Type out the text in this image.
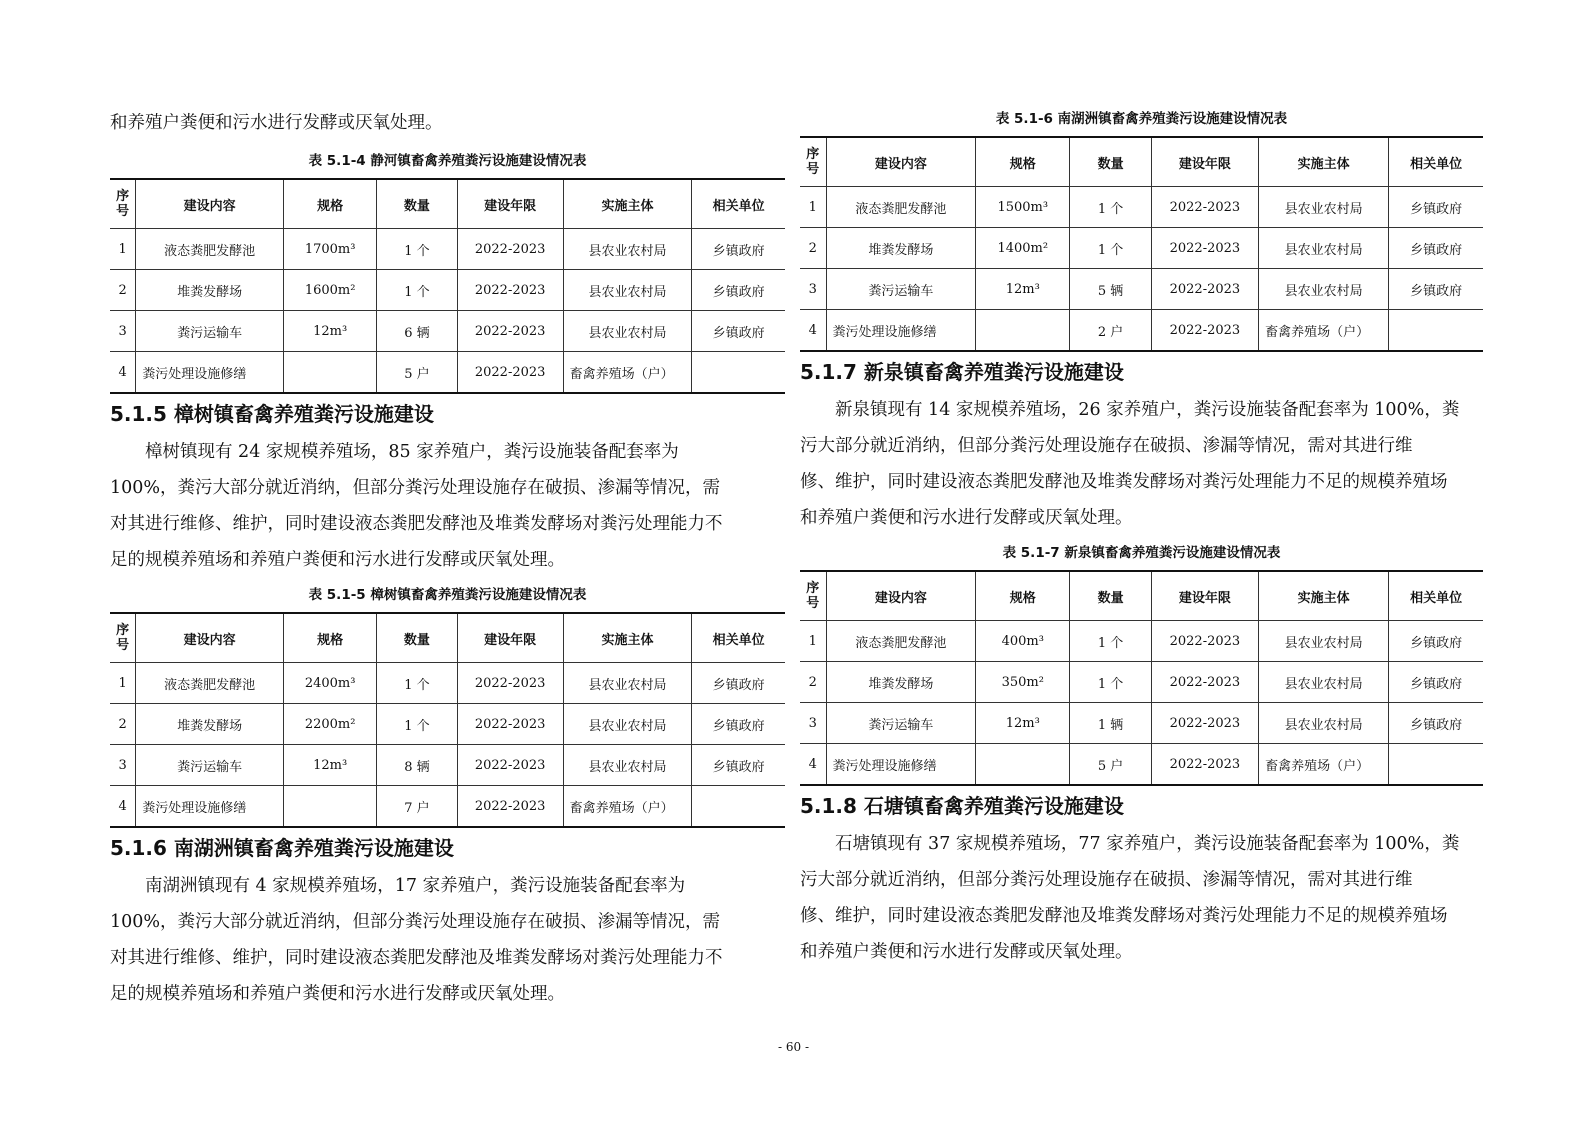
和养殖户粪便和污水进行发酵或厌氧处理。

表 5.1-4 静河镇畜禽养殖粪污设施建设情况表
序
号	建设内容	规格	数量	建设年限	实施主体	相关单位
1	液态粪肥发酵池	1700m³	1 个	2022-2023	县农业农村局	乡镇政府
2	堆粪发酵场	1600m²	1 个	2022-2023	县农业农村局	乡镇政府
3	粪污运输车	12m³	6 辆	2022-2023	县农业农村局	乡镇政府
4	粪污处理设施修缮		5 户	2022-2023	畜禽养殖场（户）	
5.1.5 樟树镇畜禽养殖粪污设施建设

樟树镇现有 24 家规模养殖场，85 家养殖户，粪污设施装备配套率为

100%，粪污大部分就近消纳，但部分粪污处理设施存在破损、渗漏等情况，需

对其进行维修、维护，同时建设液态粪肥发酵池及堆粪发酵场对粪污处理能力不

足的规模养殖场和养殖户粪便和污水进行发酵或厌氧处理。

表 5.1-5 樟树镇畜禽养殖粪污设施建设情况表
序
号	建设内容	规格	数量	建设年限	实施主体	相关单位
1	液态粪肥发酵池	2400m³	1 个	2022-2023	县农业农村局	乡镇政府
2	堆粪发酵场	2200m²	1 个	2022-2023	县农业农村局	乡镇政府
3	粪污运输车	12m³	8 辆	2022-2023	县农业农村局	乡镇政府
4	粪污处理设施修缮		7 户	2022-2023	畜禽养殖场（户）	
5.1.6 南湖洲镇畜禽养殖粪污设施建设

南湖洲镇现有 4 家规模养殖场，17 家养殖户，粪污设施装备配套率为

100%，粪污大部分就近消纳，但部分粪污处理设施存在破损、渗漏等情况，需

对其进行维修、维护，同时建设液态粪肥发酵池及堆粪发酵场对粪污处理能力不

足的规模养殖场和养殖户粪便和污水进行发酵或厌氧处理。

表 5.1-6 南湖洲镇畜禽养殖粪污设施建设情况表
序
号	建设内容	规格	数量	建设年限	实施主体	相关单位
1	液态粪肥发酵池	1500m³	1 个	2022-2023	县农业农村局	乡镇政府
2	堆粪发酵场	1400m²	1 个	2022-2023	县农业农村局	乡镇政府
3	粪污运输车	12m³	5 辆	2022-2023	县农业农村局	乡镇政府
4	粪污处理设施修缮		2 户	2022-2023	畜禽养殖场（户）	
5.1.7 新泉镇畜禽养殖粪污设施建设

新泉镇现有 14 家规模养殖场，26 家养殖户，粪污设施装备配套率为 100%，粪

污大部分就近消纳，但部分粪污处理设施存在破损、渗漏等情况，需对其进行维

修、维护，同时建设液态粪肥发酵池及堆粪发酵场对粪污处理能力不足的规模养殖场

和养殖户粪便和污水进行发酵或厌氧处理。

表 5.1-7 新泉镇畜禽养殖粪污设施建设情况表
序
号	建设内容	规格	数量	建设年限	实施主体	相关单位
1	液态粪肥发酵池	400m³	1 个	2022-2023	县农业农村局	乡镇政府
2	堆粪发酵场	350m²	1 个	2022-2023	县农业农村局	乡镇政府
3	粪污运输车	12m³	1 辆	2022-2023	县农业农村局	乡镇政府
4	粪污处理设施修缮		5 户	2022-2023	畜禽养殖场（户）	
5.1.8 石塘镇畜禽养殖粪污设施建设

石塘镇现有 37 家规模养殖场，77 家养殖户，粪污设施装备配套率为 100%，粪

污大部分就近消纳，但部分粪污处理设施存在破损、渗漏等情况，需对其进行维

修、维护，同时建设液态粪肥发酵池及堆粪发酵场对粪污处理能力不足的规模养殖场

和养殖户粪便和污水进行发酵或厌氧处理。

- 60 -
